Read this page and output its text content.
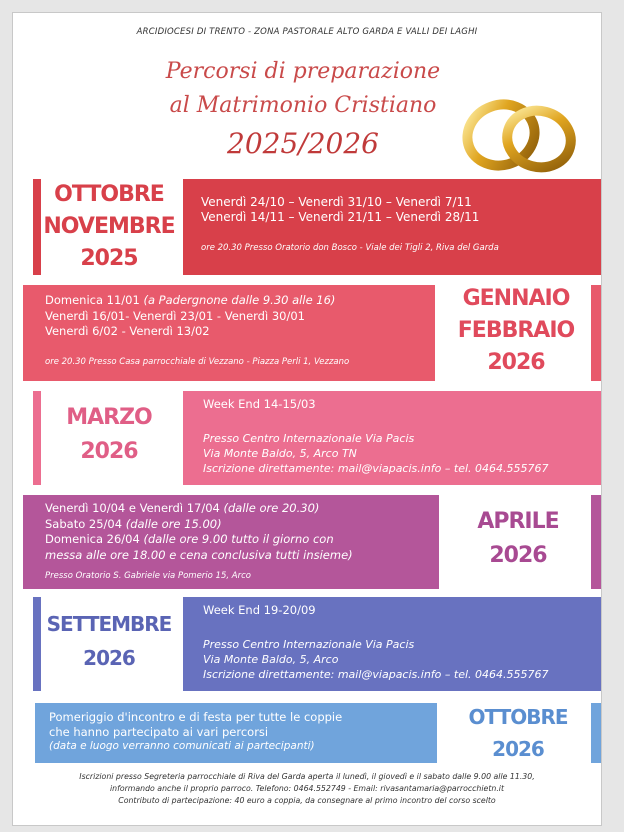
ARCIDIOCESI DI TRENTO - ZONA PASTORALE ALTO GARDA E VALLI DEI LAGHI
Percorsi di preparazione
al Matrimonio Cristiano
2025/2026
OTTOBRE
NOVEMBRE
2025
Venerdì 24/10 – Venerdì 31/10 – Venerdì 7/11
Venerdì 14/11 – Venerdì 21/11 – Venerdì 28/11
ore 20.30 Presso Oratorio don Bosco - Viale dei Tigli 2, Riva del Garda
GENNAIO
FEBBRAIO
2026
Domenica 11/01 (a Padergnone dalle 9.30 alle 16)
Venerdì 16/01- Venerdì 23/01 - Venerdì 30/01
Venerdì 6/02 - Venerdì 13/02
ore 20.30 Presso Casa parrocchiale di Vezzano - Piazza Perli 1, Vezzano
MARZO
2026
Week End 14-15/03
Presso Centro Internazionale Via Pacis
Via Monte Baldo, 5, Arco TN
Iscrizione direttamente: mail@viapacis.info – tel. 0464.555767
APRILE
2026
Venerdì 10/04 e Venerdì 17/04 (dalle ore 20.30)
Sabato 25/04 (dalle ore 15.00)
Domenica 26/04 (dalle ore 9.00 tutto il giorno con
messa alle ore 18.00 e cena conclusiva tutti insieme)
Presso Oratorio S. Gabriele via Pomerio 15, Arco
SETTEMBRE
2026
Week End 19-20/09
Presso Centro Internazionale Via Pacis
Via Monte Baldo, 5, Arco
Iscrizione direttamente: mail@viapacis.info – tel. 0464.555767
OTTOBRE
2026
Pomeriggio d'incontro e di festa per tutte le coppie
che hanno partecipato ai vari percorsi
(data e luogo verranno comunicati ai partecipanti)
Iscrizioni presso Segreteria parrocchiale di Riva del Garda aperta il lunedì, il giovedì e il sabato dalle 9.00 alle 11.30,
informando anche il proprio parroco. Telefono: 0464.552749 - Email: rivasantamaria@parrocchietn.it
Contributo di partecipazione: 40 euro a coppia, da consegnare al primo incontro del corso scelto
